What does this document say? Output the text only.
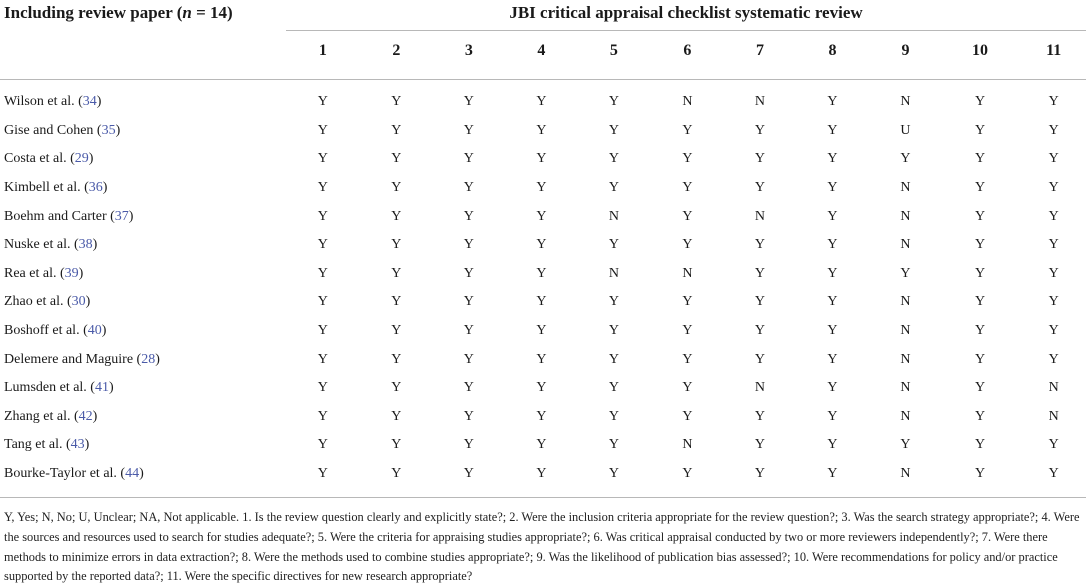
Including review paper (n = 14)	JBI critical appraisal checklist systematic review
	1	2	3	4	5	6	7	8	9	10	11

Wilson et al. (34)	Y	Y	Y	Y	Y	N	N	Y	N	Y	Y
Gise and Cohen (35)	Y	Y	Y	Y	Y	Y	Y	Y	U	Y	Y
Costa et al. (29)	Y	Y	Y	Y	Y	Y	Y	Y	Y	Y	Y
Kimbell et al. (36)	Y	Y	Y	Y	Y	Y	Y	Y	N	Y	Y
Boehm and Carter (37)	Y	Y	Y	Y	N	Y	N	Y	N	Y	Y
Nuske et al. (38)	Y	Y	Y	Y	Y	Y	Y	Y	N	Y	Y
Rea et al. (39)	Y	Y	Y	Y	N	N	Y	Y	Y	Y	Y
Zhao et al. (30)	Y	Y	Y	Y	Y	Y	Y	Y	N	Y	Y
Boshoff et al. (40)	Y	Y	Y	Y	Y	Y	Y	Y	N	Y	Y
Delemere and Maguire (28)	Y	Y	Y	Y	Y	Y	Y	Y	N	Y	Y
Lumsden et al. (41)	Y	Y	Y	Y	Y	Y	N	Y	N	Y	N
Zhang et al. (42)	Y	Y	Y	Y	Y	Y	Y	Y	N	Y	N
Tang et al. (43)	Y	Y	Y	Y	Y	N	Y	Y	Y	Y	Y
Bourke-Taylor et al. (44)	Y	Y	Y	Y	Y	Y	Y	Y	N	Y	Y
Y, Yes; N, No; U, Unclear; NA, Not applicable. 1. Is the review question clearly and explicitly state?; 2. Were the inclusion criteria appropriate for the review question?; 3. Was the search strategy appropriate?; 4. Were the sources and resources used to search for studies adequate?; 5. Were the criteria for appraising studies appropriate?; 6. Was critical appraisal conducted by two or more reviewers independently?; 7. Were there methods to minimize errors in data extraction?; 8. Were the methods used to combine studies appropriate?; 9. Was the likelihood of publication bias assessed?; 10. Were recommendations for policy and/or practice supported by the reported data?; 11. Were the specific directives for new research appropriate?
